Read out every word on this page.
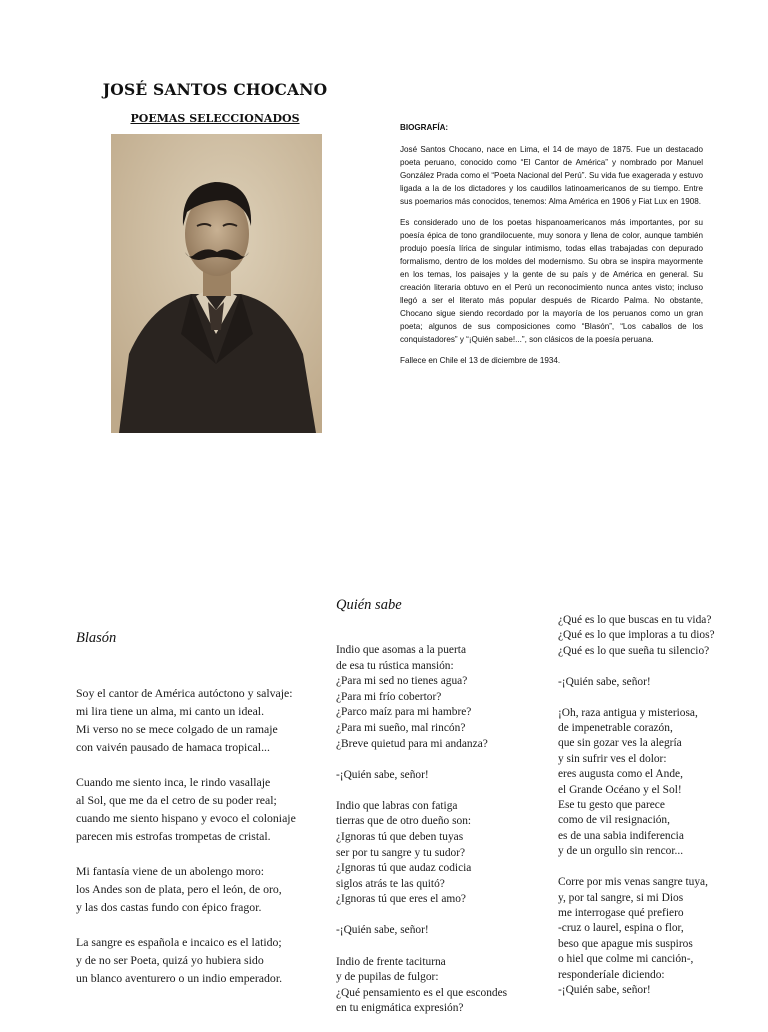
JOSÉ SANTOS CHOCANO
POEMAS SELECCIONADOS
BIOGRAFÍA:

José Santos Chocano, nace en Lima, el 14 de mayo de 1875. Fue un destacado poeta peruano, conocido como “El Cantor de América” y nombrado por Manuel González Prada como el “Poeta Nacional del Perú”. Su vida fue exagerada y estuvo ligada a la de los dictadores y los caudillos latinoamericanos de su tiempo. Entre sus poemarios más conocidos, tenemos: Alma América en 1906 y Fiat Lux en 1908.

Es considerado uno de los poetas hispanoamericanos más importantes, por su poesía épica de tono grandilocuente, muy sonora y llena de color, aunque también produjo poesía lírica de singular intimismo, todas ellas trabajadas con depurado formalismo, dentro de los moldes del modernismo. Su obra se inspira mayormente en los temas, los paisajes y la gente de su país y de América en general. Su creación literaria obtuvo en el Perú un reconocimiento nunca antes visto; incluso llegó a ser el literato más popular después de Ricardo Palma. No obstante, Chocano sigue siendo recordado por la mayoría de los peruanos como un gran poeta; algunos de sus composiciones como “Blasón”, “Los caballos de los conquistadores” y “¡Quién sabe!...”, son clásicos de la poesía peruana.

Fallece en Chile el 13 de diciembre de 1934.

Blasón
Soy el cantor de América autóctono y salvaje:
mi lira tiene un alma, mi canto un ideal.
Mi verso no se mece colgado de un ramaje
con vaivén pausado de hamaca tropical...
Cuando me siento inca, le rindo vasallaje
al Sol, que me da el cetro de su poder real;
cuando me siento hispano y evoco el coloniaje
parecen mis estrofas trompetas de cristal.
Mi fantasía viene de un abolengo moro:
los Andes son de plata, pero el león, de oro,
y las dos castas fundo con épico fragor.
La sangre es española e incaico es el latido;
y de no ser Poeta, quizá yo hubiera sido
un blanco aventurero o un indio emperador.
Quién sabe
Indio que asomas a la puerta
de esa tu rústica mansión:
¿Para mi sed no tienes agua?
¿Para mi frío cobertor?
¿Parco maíz para mi hambre?
¿Para mi sueño, mal rincón?
¿Breve quietud para mi andanza?
-¡Quién sabe, señor!
Indio que labras con fatiga
tierras que de otro dueño son:
¿Ignoras tú que deben tuyas
ser por tu sangre y tu sudor?
¿Ignoras tú que audaz codicia
siglos atrás te las quitó?
¿Ignoras tú que eres el amo?
-¡Quién sabe, señor!
Indio de frente taciturna
y de pupilas de fulgor:
¿Qué pensamiento es el que escondes
en tu enigmática expresión?
¿Qué es lo que buscas en tu vida?
¿Qué es lo que imploras a tu dios?
¿Qué es lo que sueña tu silencio?
-¡Quién sabe, señor!
¡Oh, raza antigua y misteriosa,
de impenetrable corazón,
que sin gozar ves la alegría
y sin sufrir ves el dolor:
eres augusta como el Ande,
el Grande Océano y el Sol!
Ese tu gesto que parece
como de vil resignación,
es de una sabia indiferencia
y de un orgullo sin rencor...
Corre por mis venas sangre tuya,
y, por tal sangre, si mi Dios
me interrogase qué prefiero
-cruz o laurel, espina o flor,
beso que apague mis suspiros
o hiel que colme mi canción-,
responderíale diciendo:
-¡Quién sabe, señor!
